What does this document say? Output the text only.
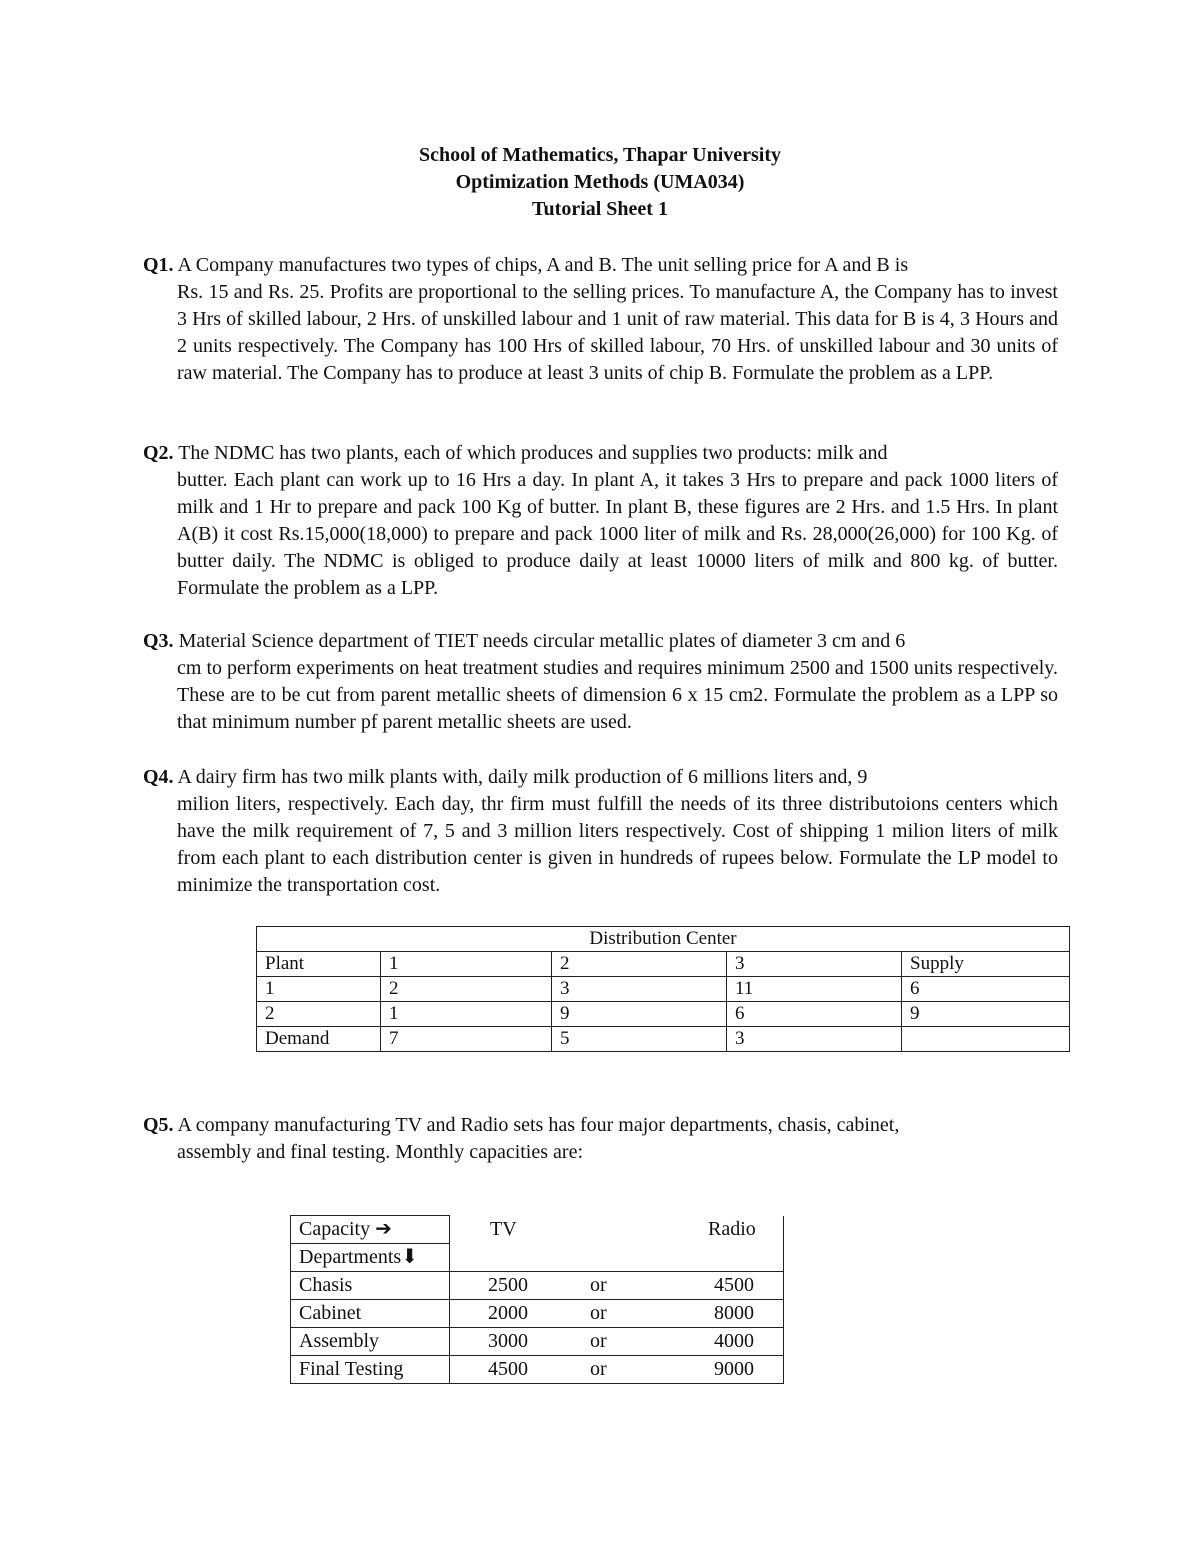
School of Mathematics, Thapar University
Optimization Methods (UMA034)
Tutorial Sheet 1
Q1. A Company manufactures two types of chips, A and B. The unit selling price for A and B is
Rs. 15 and Rs. 25. Profits are proportional to the selling prices. To manufacture A, the Company has to invest 3 Hrs of skilled labour, 2 Hrs. of unskilled labour and 1 unit of raw material. This data for B is 4, 3 Hours and 2 units respectively. The Company has 100 Hrs of skilled labour, 70 Hrs. of unskilled labour and 30 units of raw material. The Company has to produce at least 3 units of chip B. Formulate the problem as a LPP.
Q2. The NDMC has two plants, each of which produces and supplies two products: milk and
butter. Each plant can work up to 16 Hrs a day. In plant A, it takes 3 Hrs to prepare and pack 1000 liters of milk and 1 Hr to prepare and pack 100 Kg of butter. In plant B, these figures are 2 Hrs. and 1.5 Hrs. In plant A(B) it cost Rs.15,000(18,000) to prepare and pack 1000 liter of milk and Rs. 28,000(26,000) for 100 Kg. of butter daily. The NDMC is obliged to produce daily at least 10000 liters of milk and 800 kg. of butter. Formulate the problem as a LPP.
Q3. Material Science department of TIET needs circular metallic plates of diameter 3 cm and 6
cm to perform experiments on heat treatment studies and requires minimum 2500 and 1500 units respectively. These are to be cut from parent metallic sheets of dimension 6 x 15 cm2. Formulate the problem as a LPP so that minimum number pf parent metallic sheets are used.
Q4. A dairy firm has two milk plants with, daily milk production of 6 millions liters and, 9
milion liters, respectively. Each day, thr firm must fulfill the needs of its three distributoions centers which have the milk requirement of 7, 5 and 3 million liters respectively. Cost of shipping 1 milion liters of milk from each plant to each distribution center is given in hundreds of rupees below. Formulate the LP model to minimize the transportation cost.
Distribution Center				
Plant	1	2	3	Supply
1	2	3	11	6
2	1	9	6	9
Demand	7	5	3	
Q5. A company manufacturing TV and Radio sets has four major departments, chasis, cabinet,
assembly and final testing. Monthly capacities are:
Capacity ➔	TV		Radio
Departments⬇			
Chasis	2500	or	4500
Cabinet	2000	or	8000
Assembly	3000	or	4000
Final Testing	4500	or	9000
